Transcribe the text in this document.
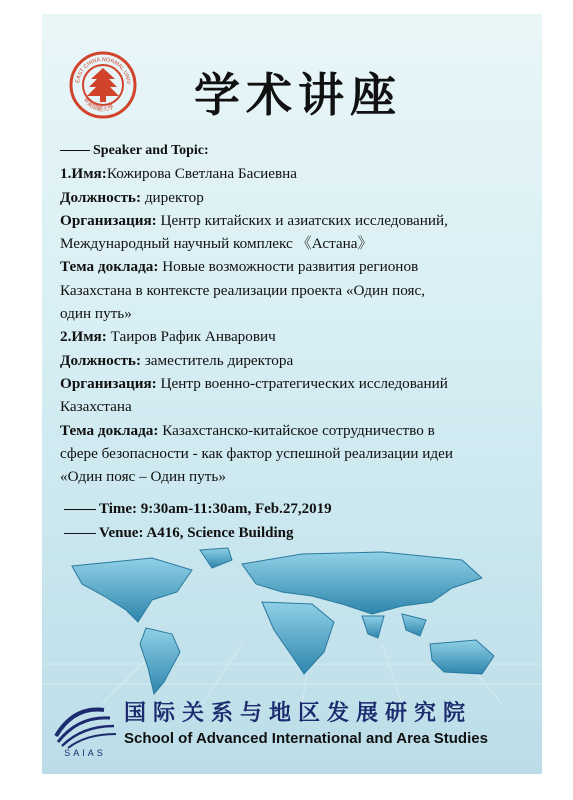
EAST CHINA NORMAL UNIV
華東師範大學 学术讲座
Speaker and Topic:
1.Имя:Кожирова Светлана Басиевна
Должность: директор
Организация: Центр китайских и азиатских исследований,
Международный научный комплекс 《Астана》
Тема доклада: Новые возможности развития регионов
Казахстана в контексте реализации проекта «Один пояс,
один путь»
2.Имя: Таиров Рафик Анварович
Должность: заместитель директора
Организация: Центр военно-стратегических исследований
Казахстана
Тема доклада: Казахстанско-китайское сотрудничество в
сфере безопасности - как фактор успешной реализации идеи
«Один пояс – Один путь»
Time: 9:30am-11:30am, Feb.27,2019
Venue: A416, Science Building
SAIAS
国际关系与地区发展研究院
School of Advanced International and Area Studies
